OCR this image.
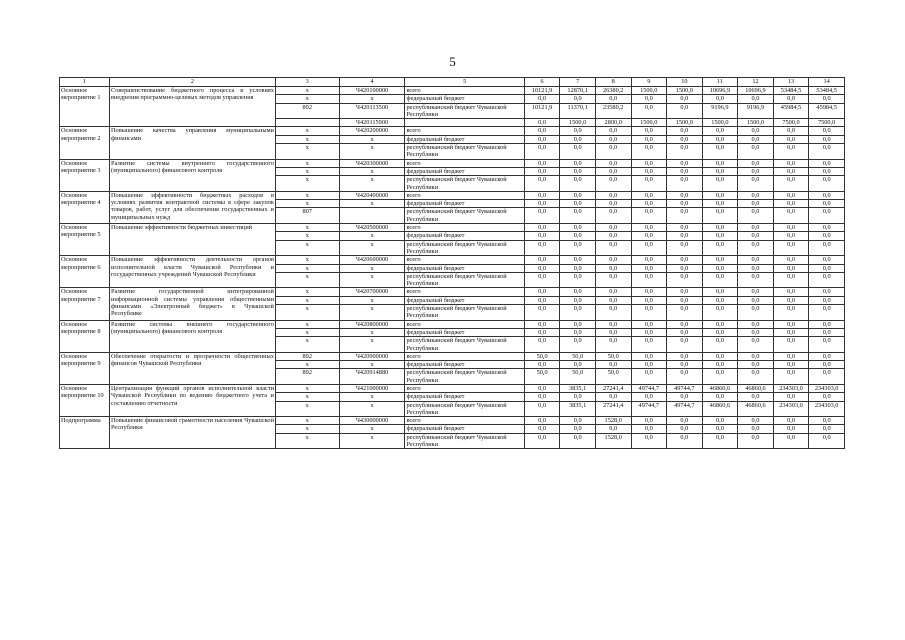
5
1	2	3	4	5	6	7	8	9	10	11	12	13	14
Основное мероприятие 1	Совершенствование бюджетного процесса в условиях внедрения программно-целевых методов управления	x	Ч420100000	всего	10121,9	12870,1	26380,2	1500,0	1500,0	10696,9	10696,9	53484,5	53484,5
		x	x	федеральный бюджет	0,0	0,0	0,0	0,0	0,0	0,0	0,0	0,0	0,0
		892	Ч420113500	республиканский бюджет Чувашской Республики	10121,9	11370,1	23580,2	0,0	0,0	9196,9	9196,9	45984,5	45984,5
			Ч420115900		0,0	1500,0	2800,0	1500,0	1500,0	1500,0	1500,0	7500,0	7500,0
Основное мероприятие 2	Повышение качества управления муниципальными финансами	x	Ч420200000	всего	0,0	0,0	0,0	0,0	0,0	0,0	0,0	0,0	0,0
		x	x	федеральный бюджет	0,0	0,0	0,0	0,0	0,0	0,0	0,0	0,0	0,0
		x	x	республиканский бюджет Чувашской Республики	0,0	0,0	0,0	0,0	0,0	0,0	0,0	0,0	0,0
Основное мероприятие 3	Развитие системы внутреннего государственного (муниципального) финансового контроля	x	Ч420300000	всего	0,0	0,0	0,0	0,0	0,0	0,0	0,0	0,0	0,0
		x	x	федеральный бюджет	0,0	0,0	0,0	0,0	0,0	0,0	0,0	0,0	0,0
		x	x	республиканский бюджет Чувашской Республики	0,0	0,0	0,0	0,0	0,0	0,0	0,0	0,0	0,0
Основное мероприятие 4	Повышение эффективности бюджетных расходов в условиях развития контрактной системы в сфере закупок товаров, работ, услуг для обеспечения государственных и муниципальных нужд	x	Ч420400000	всего	0,0	0,0	0,0	0,0	0,0	0,0	0,0	0,0	0,0
		x	x	федеральный бюджет	0,0	0,0	0,0	0,0	0,0	0,0	0,0	0,0	0,0
		807		республиканский бюджет Чувашской Республики	0,0	0,0	0,0	0,0	0,0	0,0	0,0	0,0	0,0
Основное мероприятие 5	Повышение эффективности бюджетных инвестиций	x	Ч420500000	всего	0,0	0,0	0,0	0,0	0,0	0,0	0,0	0,0	0,0
		x	x	федеральный бюджет	0,0	0,0	0,0	0,0	0,0	0,0	0,0	0,0	0,0
		x	x	республиканский бюджет Чувашской Республики	0,0	0,0	0,0	0,0	0,0	0,0	0,0	0,0	0,0
Основное мероприятие 6	Повышение эффективности деятельности органов исполнительной власти Чувашской Республики и государственных учреждений Чувашской Республики	x	Ч420600000	всего	0,0	0,0	0,0	0,0	0,0	0,0	0,0	0,0	0,0
		x	x	федеральный бюджет	0,0	0,0	0,0	0,0	0,0	0,0	0,0	0,0	0,0
		x	x	республиканский бюджет Чувашской Республики	0,0	0,0	0,0	0,0	0,0	0,0	0,0	0,0	0,0
Основное мероприятие 7	Развитие государственной интегрированной информационной системы управления общественными финансами «Электронный бюджет» в Чувашской Республике	x	Ч420700000	всего	0,0	0,0	0,0	0,0	0,0	0,0	0,0	0,0	0,0
		x	x	федеральный бюджет	0,0	0,0	0,0	0,0	0,0	0,0	0,0	0,0	0,0
		x	x	республиканский бюджет Чувашской Республики	0,0	0,0	0,0	0,0	0,0	0,0	0,0	0,0	0,0
Основное мероприятие 8	Развитие системы внешнего государственного (муниципального) финансового контроля	x	Ч420800000	всего	0,0	0,0	0,0	0,0	0,0	0,0	0,0	0,0	0,0
		x	x	федеральный бюджет	0,0	0,0	0,0	0,0	0,0	0,0	0,0	0,0	0,0
		x	x	республиканский бюджет Чувашской Республики	0,0	0,0	0,0	0,0	0,0	0,0	0,0	0,0	0,0
Основное мероприятие 9	Обеспечение открытости и прозрачности общественных финансов Чувашской Республики	892	Ч420900000	всего	50,0	50,0	50,0	0,0	0,0	0,0	0,0	0,0	0,0
		x	x	федеральный бюджет	0,0	0,0	0,0	0,0	0,0	0,0	0,0	0,0	0,0
		892	Ч420914880	республиканский бюджет Чувашской Республики	50,0	50,0	50,0	0,0	0,0	0,0	0,0	0,0	0,0
Основное мероприятие 10	Централизация функций органов исполнительной власти Чувашской Республики по ведению бюджетного учета и составлению отчетности	x	Ч421000000	всего	0,0	3835,1	27241,4	49744,7	49744,7	46860,6	46860,6	234303,0	234303,0
		x	x	федеральный бюджет	0,0	0,0	0,0	0,0	0,0	0,0	0,0	0,0	0,0
		x	x	республиканский бюджет Чувашской Республики	0,0	3835,1	27241,4	49744,7	49744,7	46860,6	46860,6	234303,0	234303,0
Подпрограмма	Повышение финансовой грамотности населения Чувашской Республики	x	Ч430000000	всего	0,0	0,0	1528,0	0,0	0,0	0,0	0,0	0,0	0,0
		x	x	федеральный бюджет	0,0	0,0	0,0	0,0	0,0	0,0	0,0	0,0	0,0
		x	x	республиканский бюджет Чувашской Республики	0,0	0,0	1528,0	0,0	0,0	0,0	0,0	0,0	0,0
